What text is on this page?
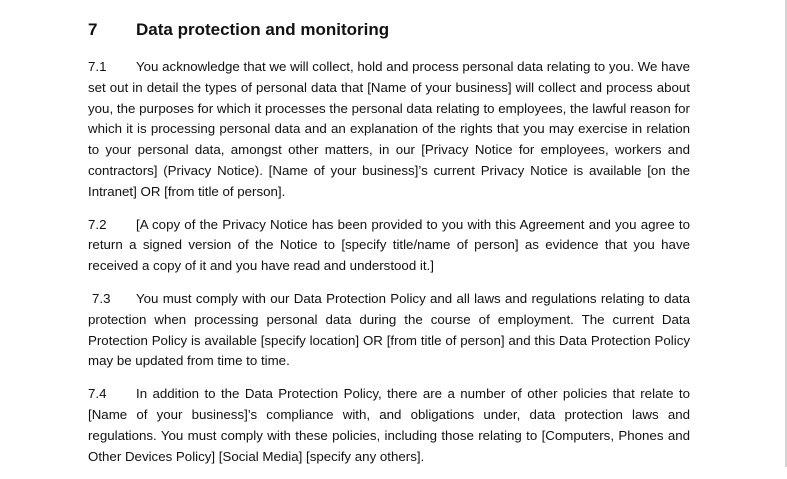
7 Data protection and monitoring

7.1 You acknowledge that we will collect, hold and process personal data relating to you. We have set out in detail the types of personal data that [Name of your business] will collect and process about you, the purposes for which it processes the personal data relating to employees, the lawful reason for which it is processing personal data and an explanation of the rights that you may exercise in relation to your personal data, amongst other matters, in our [Privacy Notice for employees, workers and contractors] (Privacy Notice). [Name of your business]’s current Privacy Notice is available [on the Intranet] OR [from title of person].

7.2 [A copy of the Privacy Notice has been provided to you with this Agreement and you agree to return a signed version of the Notice to [specify title/name of person] as evidence that you have received a copy of it and you have read and understood it.]

7.3 You must comply with our Data Protection Policy and all laws and regulations relating to data protection when processing personal data during the course of employment. The current Data Protection Policy is available [specify location] OR [from title of person] and this Data Protection Policy may be updated from time to time.

7.4 In addition to the Data Protection Policy, there are a number of other policies that relate to [Name of your business]’s compliance with, and obligations under, data protection laws and regulations. You must comply with these policies, including those relating to [Computers, Phones and Other Devices Policy] [Social Media] [specify any others].
